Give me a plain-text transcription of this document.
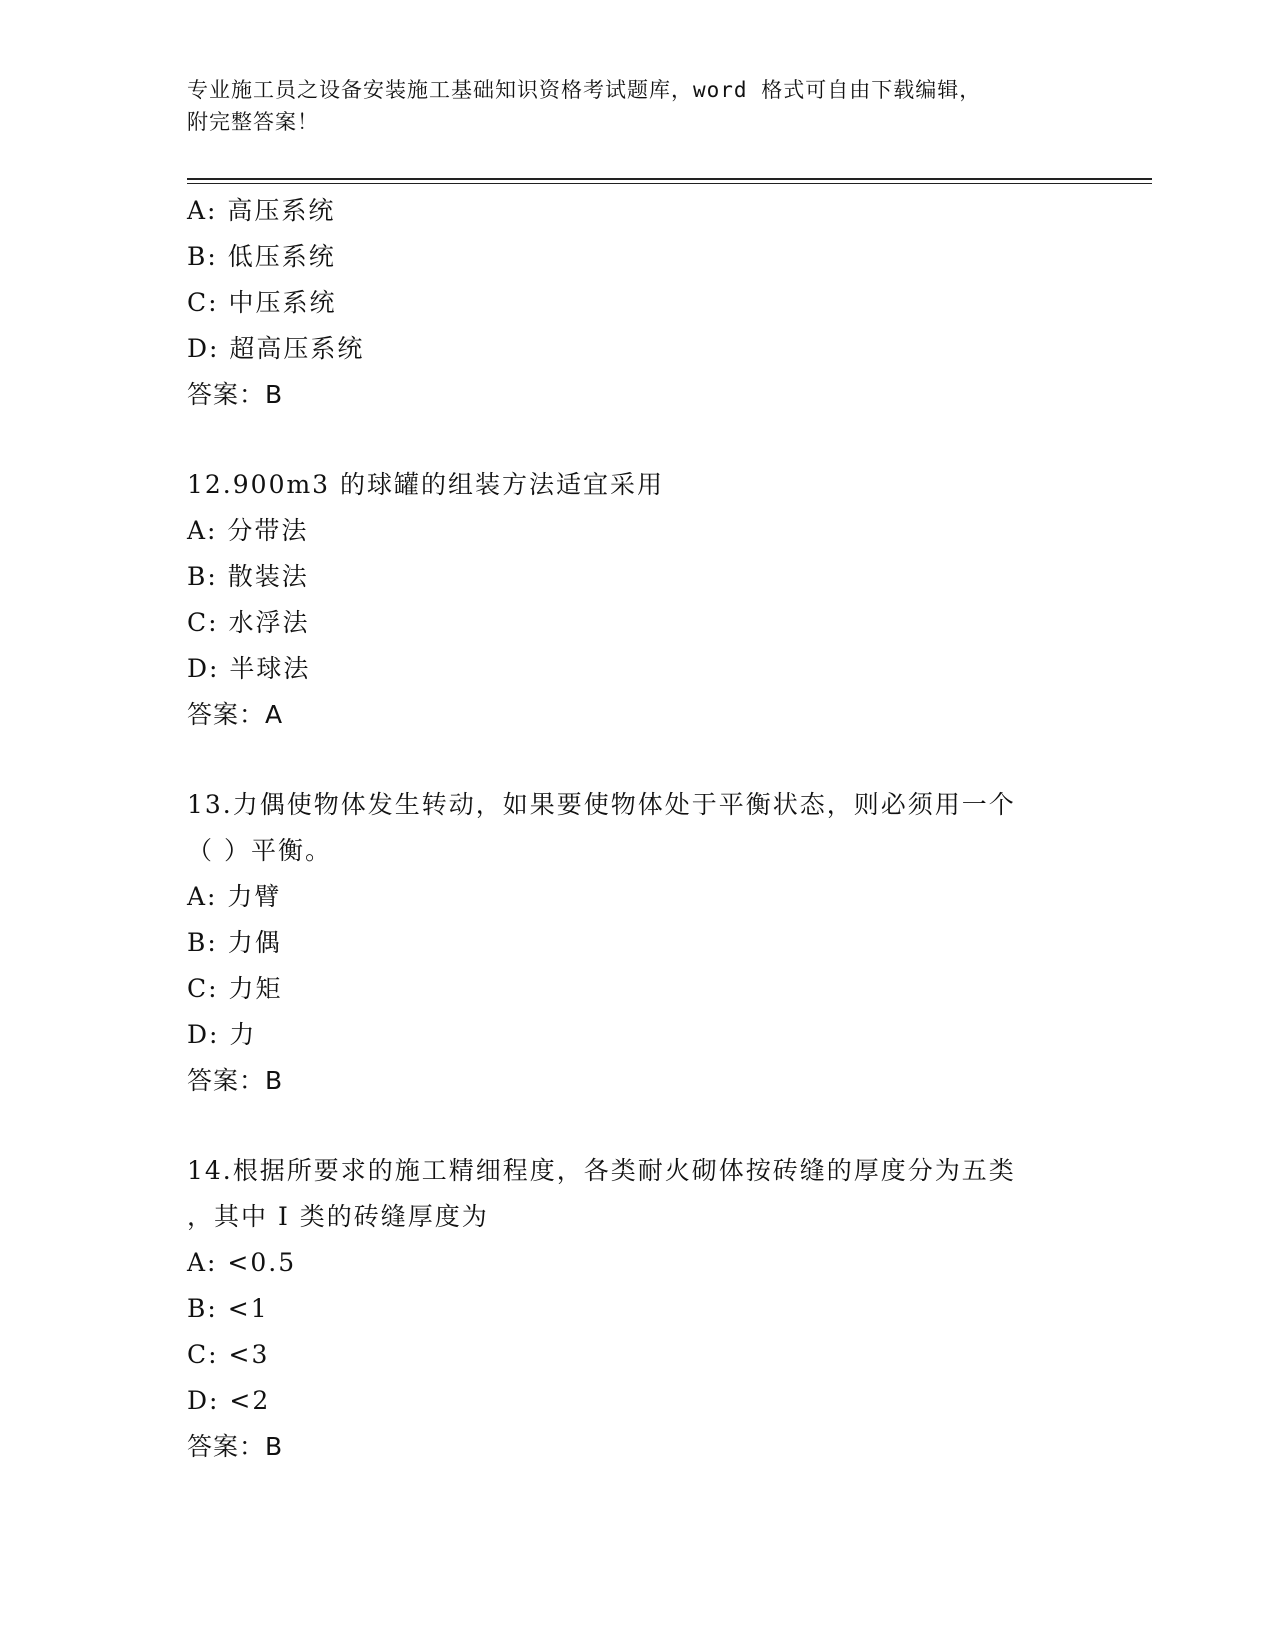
专业施工员之设备安装施工基础知识资格考试题库，word 格式可自由下载编辑，
附完整答案！
A: 高压系统
B: 低压系统
C: 中压系统
D: 超高压系统
答案：B
12.900m3 的球罐的组装方法适宜采用
A: 分带法
B: 散装法
C: 水浮法
D: 半球法
答案：A
13.力偶使物体发生转动，如果要使物体处于平衡状态，则必须用一个
（ ）平衡。
A: 力臂
B: 力偶
C: 力矩
D: 力
答案：B
14.根据所要求的施工精细程度，各类耐火砌体按砖缝的厚度分为五类
，其中 I 类的砖缝厚度为
A: <0.5
B: <1
C: <3
D: <2
答案：B
